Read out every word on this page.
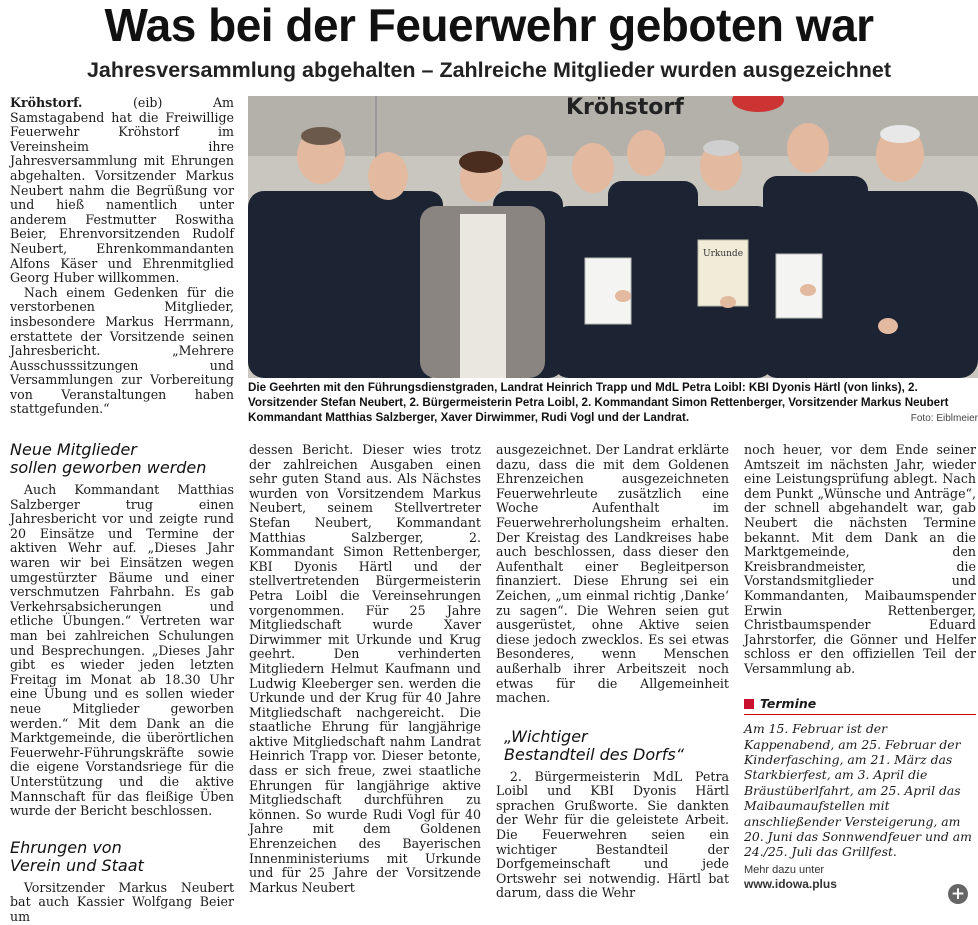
Was bei der Feuerwehr geboten war
Jahresversammlung abgehalten – Zahlreiche Mitglieder wurden ausgezeichnet

Kröhstorf.	(eib) Am Samstagabend hat die Freiwillige Feuerwehr Kröhstorf im Vereinsheim ihre Jahresversammlung mit Ehrungen abgehalten. Vorsitzender Markus Neubert nahm die Begrüßung vor und hieß namentlich unter anderem Festmutter Roswitha Beier, Ehrenvorsitzenden Rudolf Neubert, Ehrenkommandanten Alfons Käser und Ehrenmitglied Georg Huber willkommen.

Nach einem Gedenken für die verstorbenen Mitglieder, insbesondere Markus Herrmann, erstattete der Vorsitzende seinen Jahresbericht. „Mehrere Ausschusssitzungen und Versammlungen zur Vorbereitung von Veranstaltungen haben stattgefunden.“

Neue Mitglieder
sollen geworben werden

Auch Kommandant Matthias Salzberger trug einen Jahresbericht vor und zeigte rund 20 Einsätze und Termine der aktiven Wehr auf. „Dieses Jahr waren wir bei Einsätzen wegen umgestürzter Bäume und einer verschmutzen Fahrbahn. Es gab Verkehrsabsicherungen und etliche Übungen.“ Vertreten war man bei zahlreichen Schulungen und Besprechungen. „Dieses Jahr gibt es wieder jeden letzten Freitag im Monat ab 18.30 Uhr eine Übung und es sollen wieder neue Mitglieder geworben werden.“ Mit dem Dank an die Marktgemeinde, die überörtlichen Feuerwehr-Führungskräfte sowie die eigene Vorstandsriege für die Unterstützung und die aktive Mannschaft für das fleißige Üben wurde der Bericht beschlossen.

Ehrungen von
Verein und Staat

Vorsitzender Markus Neubert bat auch Kassier Wolfgang Beier um

Kröhstorf
Urkunde
Die Geehrten mit den Führungsdienstgraden, Landrat Heinrich Trapp und MdL Petra Loibl: KBI Dyonis Härtl (von links), 2. Vorsitzender Stefan Neubert, 2. Bürgermeisterin Petra Loibl, 2. Kommandant Simon Rettenberger, Vorsitzender Markus Neubert Kommandant Matthias Salzberger, Xaver Dirwimmer, Rudi Vogl und der Landrat.	Foto: Eiblmeier

dessen Bericht. Dieser wies trotz der zahlreichen Ausgaben einen sehr guten Stand aus. Als Nächstes wurden von Vorsitzendem Markus Neubert, seinem Stellvertreter Stefan Neubert, Kommandant Matthias Salzberger, 2. Kommandant Simon Rettenberger, KBI Dyonis Härtl und der stellvertretenden Bürgermeisterin Petra Loibl die Vereinsehrungen vorgenommen. Für 25 Jahre Mitgliedschaft wurde Xaver Dirwimmer mit Urkunde und Krug geehrt. Den verhinderten Mitgliedern Helmut Kaufmann und Ludwig Kleeberger sen. werden die Urkunde und der Krug für 40 Jahre Mitgliedschaft nachgereicht. Die staatliche Ehrung für langjährige aktive Mitgliedschaft nahm Landrat Heinrich Trapp vor. Dieser betonte, dass er sich freue, zwei staatliche Ehrungen für langjährige aktive Mitgliedschaft durchführen zu können. So wurde Rudi Vogl für 40 Jahre mit dem Goldenen Ehrenzeichen des Bayerischen Innenministeriums mit Urkunde und für 25 Jahre der Vorsitzende Markus Neubert

ausgezeichnet. Der Landrat erklärte dazu, dass die mit dem Goldenen Ehrenzeichen ausgezeichneten Feuerwehrleute zusätzlich eine Woche Aufenthalt im Feuerwehrerholungsheim erhalten. Der Kreistag des Landkreises habe auch beschlossen, dass dieser den Aufenthalt einer Begleitperson finanziert. Diese Ehrung sei ein Zeichen, „um einmal richtig ‚Danke‘ zu sagen“. Die Wehren seien gut ausgerüstet, ohne Aktive seien diese jedoch zwecklos. Es sei etwas Besonderes, wenn Menschen außerhalb ihrer Arbeitszeit noch etwas für die Allgemeinheit machen.

„Wichtiger
Bestandteil des Dorfs“

2. Bürgermeisterin MdL Petra Loibl und KBI Dyonis Härtl sprachen Grußworte. Sie dankten der Wehr für die geleistete Arbeit. Die Feuerwehren seien ein wichtiger Bestandteil der Dorfgemeinschaft und jede Ortswehr sei notwendig. Härtl bat darum, dass die Wehr

noch heuer, vor dem Ende seiner Amtszeit im nächsten Jahr, wieder eine Leistungsprüfung ablegt. Nach dem Punkt „Wünsche und Anträge“, der schnell abgehandelt war, gab Neubert die nächsten Termine bekannt. Mit dem Dank an die Marktgemeinde, den Kreisbrandmeister, die Vorstandsmitglieder und Kommandanten, Maibaumspender Erwin Rettenberger, Christbaumspender Eduard Jahrstorfer, die Gönner und Helfer schloss er den offiziellen Teil der Versammlung ab.

Termine
Am 15. Februar ist der Kappenabend, am 25. Februar der Kinderfasching, am 21. März das Starkbierfest, am 3. April die Bräustüberlfahrt, am 25. April das Maibaumaufstellen mit anschließender Versteigerung, am 20. Juni das Sonnwendfeuer und am 24./25. Juli das Grillfest.
Mehr dazu unter
www.idowa.plus	+
